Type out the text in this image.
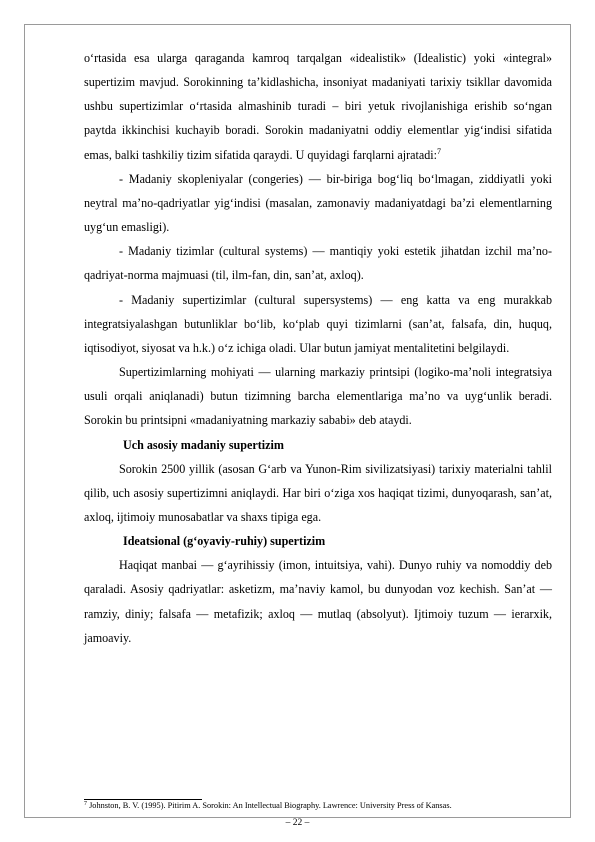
o‘rtasida esa ularga qaraganda kamroq tarqalgan «idealistik» (Idealistic) yoki «integral» supertizim mavjud. Sorokinning ta’kidlashicha, insoniyat madaniyati tarixiy tsikllar davomida ushbu supertizimlar o‘rtasida almashinib turadi – biri yetuk rivojlanishiga erishib so‘ngan paytda ikkinchisi kuchayib boradi. Sorokin madaniyatni oddiy elementlar yig‘indisi sifatida emas, balki tashkiliy tizim sifatida qaraydi. U quyidagi farqlarni ajratadi:$^7$

- Madaniy skopleniyalar (congeries) — bir-biriga bog‘liq bo‘lmagan, ziddiyatli yoki neytral ma’no-qadriyatlar yig‘indisi (masalan, zamonaviy madaniyatdagi ba’zi elementlarning uyg‘un emasligi).

- Madaniy tizimlar (cultural systems) — mantiqiy yoki estetik jihatdan izchil ma’no-qadriyat-norma majmuasi (til, ilm-fan, din, san’at, axloq).

- Madaniy supertizimlar (cultural supersystems) — eng katta va eng murakkab integratsiyalashgan butunliklar bo‘lib, ko‘plab quyi tizimlarni (san’at, falsafa, din, huquq, iqtisodiyot, siyosat va h.k.) o‘z ichiga oladi. Ular butun jamiyat mentalitetini belgilaydi.

Supertizimlarning mohiyati — ularning markaziy printsipi (logiko-ma’noli integratsiya usuli orqali aniqlanadi) butun tizimning barcha elementlariga ma’no va uyg‘unlik beradi. Sorokin bu printsipni «madaniyatning markaziy sababi» deb ataydi.

Uch asosiy madaniy supertizim

Sorokin 2500 yillik (asosan G‘arb va Yunon-Rim sivilizatsiyasi) tarixiy materialni tahlil qilib, uch asosiy supertizimni aniqlaydi. Har biri o‘ziga xos haqiqat tizimi, dunyoqarash, san’at, axloq, ijtimoiy munosabatlar va shaxs tipiga ega.

Ideatsional (g‘oyaviy-ruhiy) supertizim

Haqiqat manbai — g‘ayrihissiy (imon, intuitsiya, vahi). Dunyo ruhiy va nomoddiy deb qaraladi. Asosiy qadriyatlar: asketizm, ma’naviy kamol, bu dunyodan voz kechish. San’at — ramziy, diniy; falsafa — metafizik; axloq — mutlaq (absolyut). Ijtimoiy tuzum — ierarxik, jamoaviy.

$^7$ Johnston, B. V. (1995). Pitirim A. Sorokin: An Intellectual Biography. Lawrence: University Press of Kansas.
– 22 –
